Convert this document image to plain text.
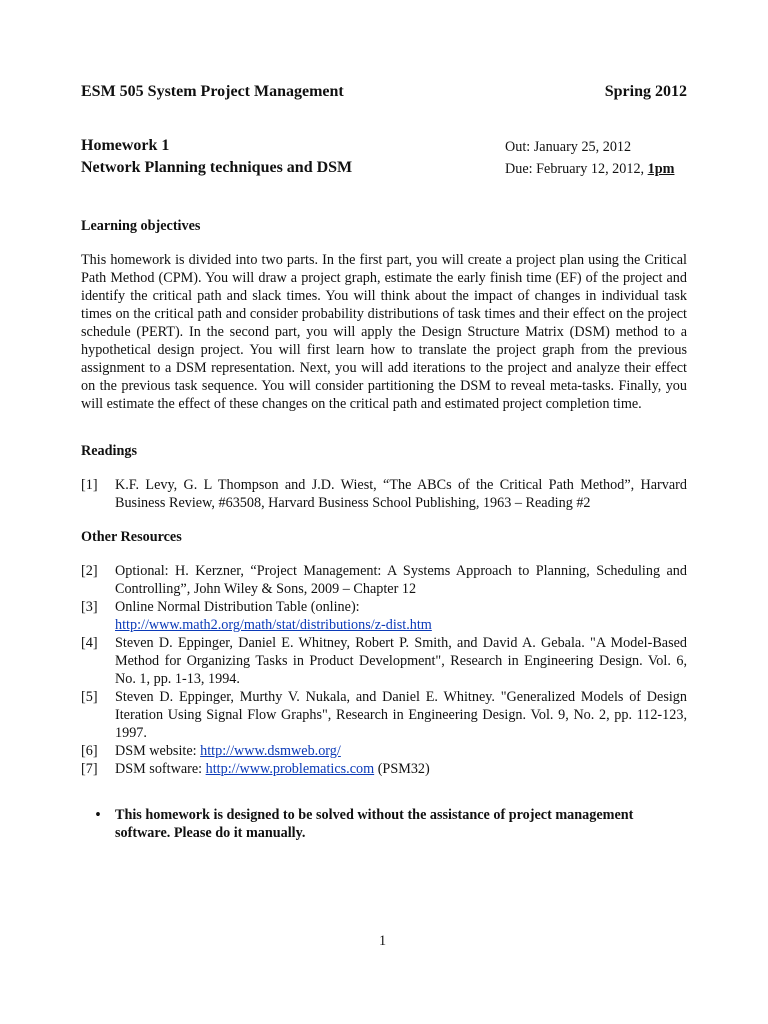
ESM 505 System Project Management	Spring 2012
Homework 1	Out: January 25, 2012
Network Planning techniques and DSM	Due: February 12, 2012, 1pm
Learning objectives
This homework is divided into two parts. In the first part, you will create a project plan using the Critical Path Method (CPM). You will draw a project graph, estimate the early finish time (EF) of the project and identify the critical path and slack times. You will think about the impact of changes in individual task times on the critical path and consider probability distributions of task times and their effect on the project schedule (PERT). In the second part, you will apply the Design Structure Matrix (DSM) method to a hypothetical design project. You will first learn how to translate the project graph from the previous assignment to a DSM representation. Next, you will add iterations to the project and analyze their effect on the previous task sequence. You will consider partitioning the DSM to reveal meta-tasks. Finally, you will estimate the effect of these changes on the critical path and estimated project completion time.
Readings
[1]	K.F. Levy, G. L Thompson and J.D. Wiest, “The ABCs of the Critical Path Method”, Harvard Business Review, #63508, Harvard Business School Publishing, 1963 – Reading #2
Other Resources
[2]	Optional: H. Kerzner, “Project Management: A Systems Approach to Planning, Scheduling and Controlling”, John Wiley & Sons, 2009 – Chapter 12
[3]	Online Normal Distribution Table (online):
http://www.math2.org/math/stat/distributions/z-dist.htm
[4]	Steven D. Eppinger, Daniel E. Whitney, Robert P. Smith, and David A. Gebala. "A Model-Based Method for Organizing Tasks in Product Development", Research in Engineering Design. Vol. 6, No. 1, pp. 1-13, 1994.
[5]	Steven D. Eppinger, Murthy V. Nukala, and Daniel E. Whitney. "Generalized Models of Design Iteration Using Signal Flow Graphs", Research in Engineering Design. Vol. 9, No. 2, pp. 112-123, 1997.
[6]	DSM website: http://www.dsmweb.org/
[7]	DSM software: http://www.problematics.com (PSM32)
•	This homework is designed to be solved without the assistance of project management software. Please do it manually.
1
